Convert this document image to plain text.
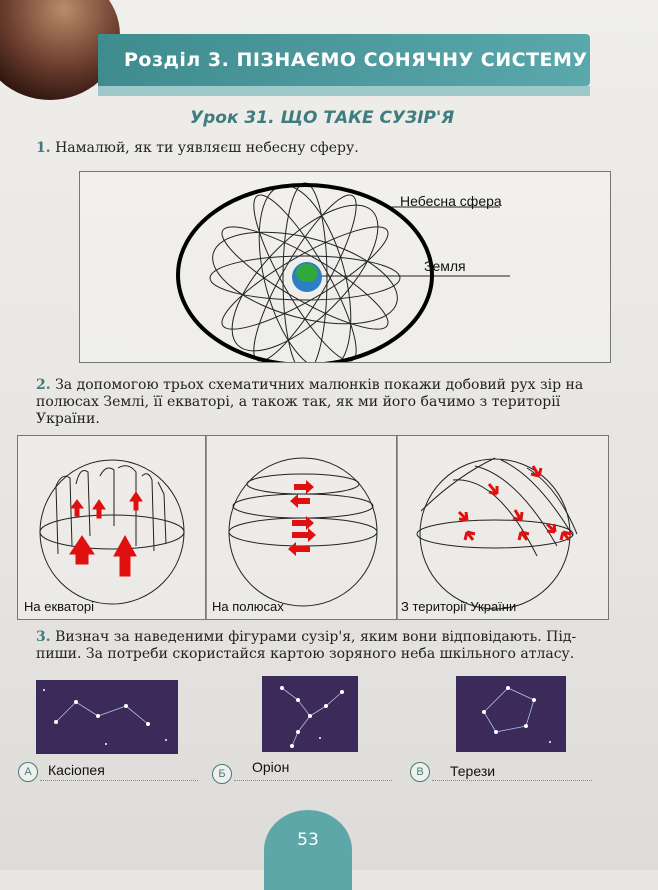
Розділ 3. ПІЗНАЄМО СОНЯЧНУ СИСТЕМУ
Урок 31. ЩО ТАКЕ СУЗІР'Я
1. Намалюй, як ти уявляєш небесну сферу.
Небесна сфера
Земля
2. За допомогою трьох схематичних малюнків покажи добовий рух зір на
полюсах Землі, її екваторі, а також так, як ми його бачимо з території
України.
На екваторі	На полюсах	З території України
3. Визнач за наведеними фігурами сузір'я, яким вони відповідають. Під-
пиши. За потреби скористайся картою зоряного неба шкільного атласу.
А	Касіопея	Б	Оріон	В	Терези
53
